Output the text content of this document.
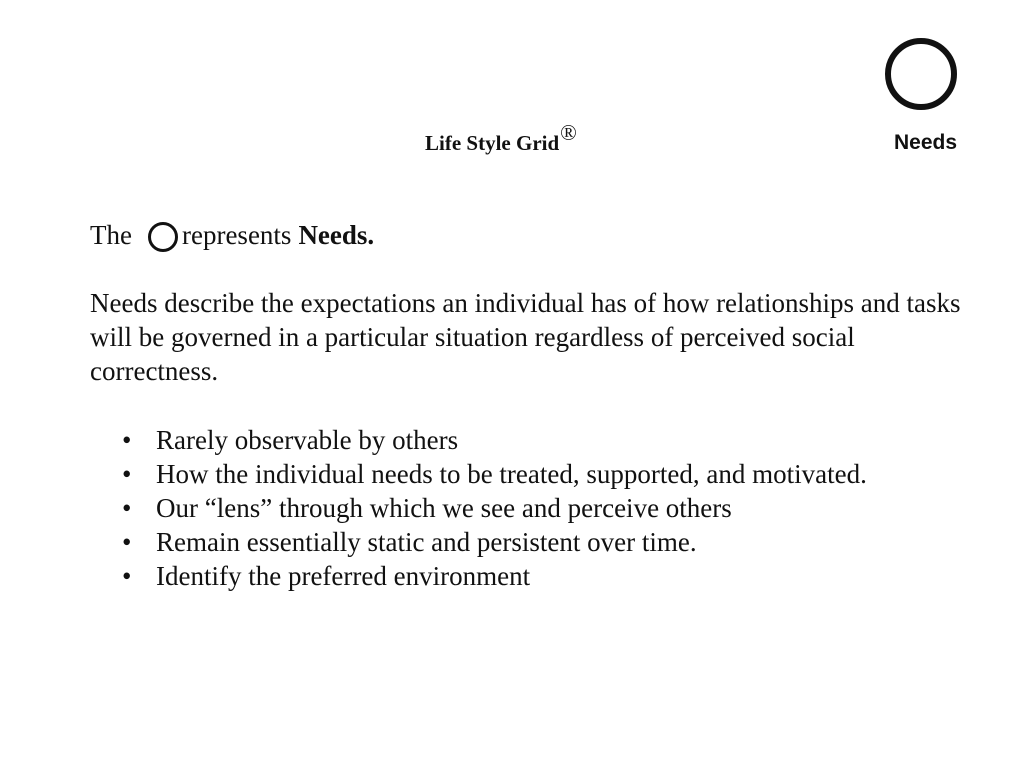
Life Style Grid®	Needs
The represents Needs.

Needs describe the expectations an individual has of how relationships and tasks will be governed in a particular situation regardless of perceived social correctness.

• Rarely observable by others
• How the individual needs to be treated, supported, and motivated.
• Our “lens” through which we see and perceive others
• Remain essentially static and persistent over time.
• Identify the preferred environment
